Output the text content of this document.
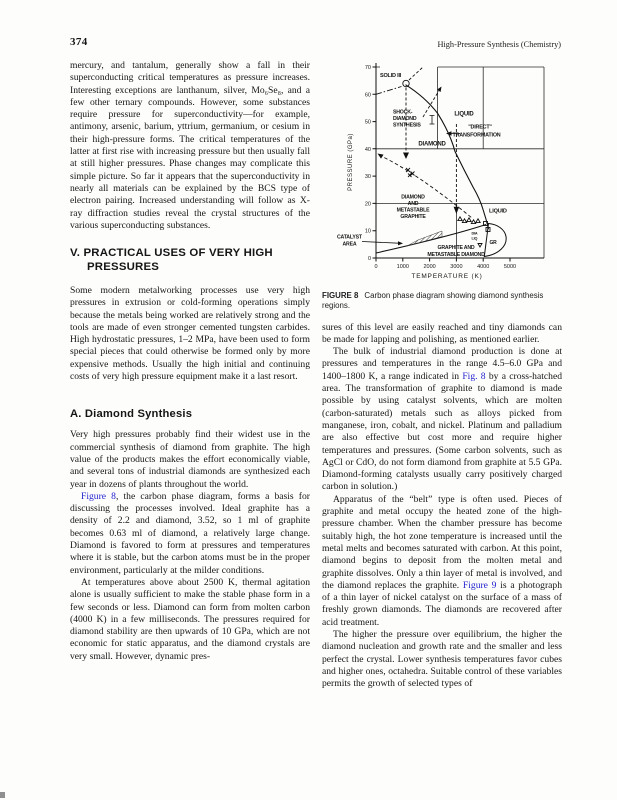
374	High-Pressure Synthesis (Chemistry)

mercury, and tantalum, generally show a fall in their superconducting critical temperatures as pressure increases. Interesting exceptions are lanthanum, silver, Mo₆Se₈, and a few other ternary compounds. However, some substances require pressure for superconductivity—for example, antimony, arsenic, barium, yttrium, germanium, or cesium in their high-pressure forms. The critical temperatures of the latter at first rise with increasing pressure but then usually fall at still higher pressures. Phase changes may complicate this simple picture. So far it appears that the superconductivity in nearly all materials can be explained by the BCS type of electron pairing. Increased understanding will follow as X-ray diffraction studies reveal the crystal structures of the various superconducting substances.

V. PRACTICAL USES OF VERY HIGH PRESSURES

Some modern metalworking processes use very high pressures in extrusion or cold-forming operations simply because the metals being worked are relatively strong and the tools are made of even stronger cemented tungsten carbides. High hydrostatic pressures, 1–2 MPa, have been used to form special pieces that could otherwise be formed only by more expensive methods. Usually the high initial and continuing costs of very high pressure equipment make it a last resort.

A. Diamond Synthesis

Very high pressures probably find their widest use in the commercial synthesis of diamond from graphite. The high value of the products makes the effort economically viable, and several tons of industrial diamonds are synthesized each year in dozens of plants throughout the world.

Figure 8, the carbon phase diagram, forms a basis for discussing the processes involved. Ideal graphite has a density of 2.2 and diamond, 3.52, so 1 ml of graphite becomes 0.63 ml of diamond, a relatively large change. Diamond is favored to form at pressures and temperatures where it is stable, but the carbon atoms must be in the proper environment, particularly at the milder conditions.

At temperatures above about 2500 K, thermal agitation alone is usually sufficient to make the stable phase form in a few seconds or less. Diamond can form from molten carbon (4000 K) in a few milliseconds. The pressures required for diamond stability are then upwards of 10 GPa, which are not economic for static apparatus, and the diamond crystals are very small. However, dynamic pres-

SOLID III
SHOCK-
DIAMOND
SYNTHESIS
DIAMOND
LIQUID
"DIRECT"
TRANSFORMATION
DIAMOND
AND
METASTABLE
GRAPHITE
LIQUID
CATALYST
AREA
GRAPHITE AND
METASTABLE DIAMOND
GR
DIA
LIQ
70
60
50
40
30
20
10
0
0	1000	2000	3000	4000	5000
TEMPERATURE (K)
PRESSURE (GPa)
FIGURE 8 Carbon phase diagram showing diamond synthesis regions.

sures of this level are easily reached and tiny diamonds can be made for lapping and polishing, as mentioned earlier.

The bulk of industrial diamond production is done at pressures and temperatures in the range 4.5–6.0 GPa and 1400–1800 K, a range indicated in Fig. 8 by a cross-hatched area. The transformation of graphite to diamond is made possible by using catalyst solvents, which are molten (carbon-saturated) metals such as alloys picked from manganese, iron, cobalt, and nickel. Platinum and palladium are also effective but cost more and require higher temperatures and pressures. (Some carbon solvents, such as AgCl or CdO, do not form diamond from graphite at 5.5 GPa. Diamond-forming catalysts usually carry positively charged carbon in solution.)

Apparatus of the “belt” type is often used. Pieces of graphite and metal occupy the heated zone of the high-pressure chamber. When the chamber pressure has become suitably high, the hot zone temperature is increased until the metal melts and becomes saturated with carbon. At this point, diamond begins to deposit from the molten metal and graphite dissolves. Only a thin layer of metal is involved, and the diamond replaces the graphite. Figure 9 is a photograph of a thin layer of nickel catalyst on the surface of a mass of freshly grown diamonds. The diamonds are recovered after acid treatment.

The higher the pressure over equilibrium, the higher the diamond nucleation and growth rate and the smaller and less perfect the crystal. Lower synthesis temperatures favor cubes and higher ones, octahedra. Suitable control of these variables permits the growth of selected types of
